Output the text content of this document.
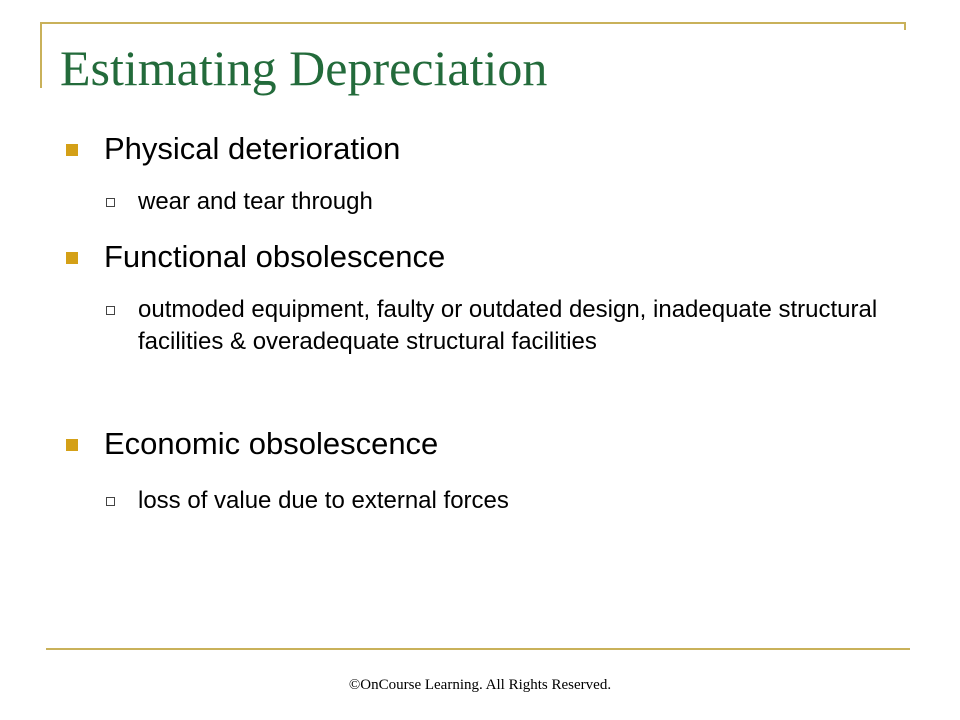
Estimating Depreciation
Physical deterioration
wear and tear through
Functional obsolescence
outmoded equipment, faulty or outdated design, inadequate structural facilities & overadequate structural facilities
Economic obsolescence
loss of value due to external forces
©OnCourse Learning. All Rights Reserved.
